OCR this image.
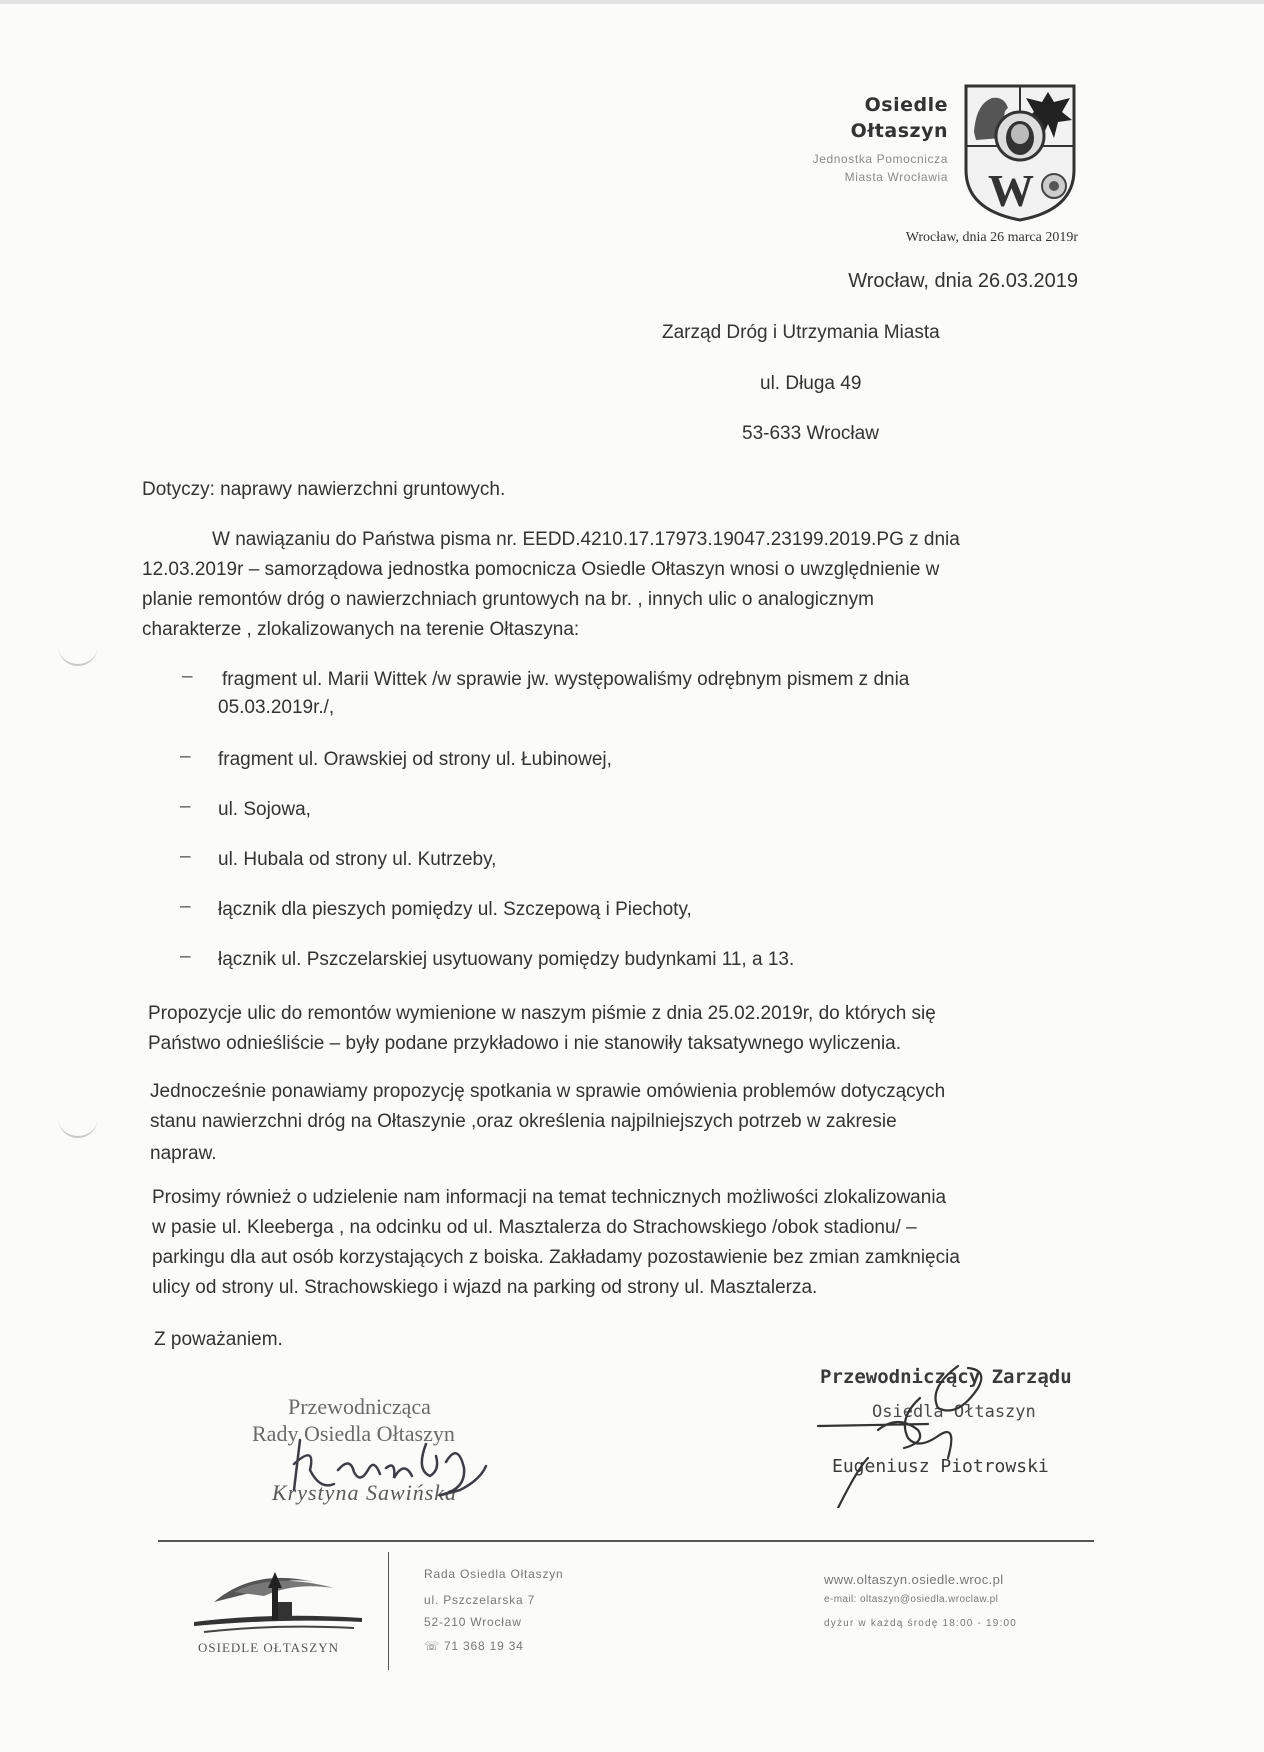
Osiedle
Ołtaszyn
Jednostka Pomocnicza
Miasta Wrocławia W
Wrocław, dnia 26 marca 2019r
Wrocław, dnia 26.03.2019
Zarząd Dróg i Utrzymania Miasta
ul. Długa 49
53-633 Wrocław
Dotyczy: naprawy nawierzchni gruntowych.
W nawiązaniu do Państwa pisma nr. EEDD.4210.17.17973.19047.23199.2019.PG z dnia
12.03.2019r – samorządowa jednostka pomocnicza Osiedle Ołtaszyn wnosi o uwzględnienie w
planie remontów dróg o nawierzchniach gruntowych na br. , innych ulic o analogicznym
charakterze , zlokalizowanych na terenie Ołtaszyna:
– fragment ul. Marii Wittek /w sprawie jw. występowaliśmy odrębnym pismem z dnia
05.03.2019r./,
– fragment ul. Orawskiej od strony ul. Łubinowej,
– ul. Sojowa,
– ul. Hubala od strony ul. Kutrzeby,
– łącznik dla pieszych pomiędzy ul. Szczepową i Piechoty,
– łącznik ul. Pszczelarskiej usytuowany pomiędzy budynkami 11, a 13.
Propozycje ulic do remontów wymienione w naszym piśmie z dnia 25.02.2019r, do których się
Państwo odnieśliście – były podane przykładowo i nie stanowiły taksatywnego wyliczenia.
Jednocześnie ponawiamy propozycję spotkania w sprawie omówienia problemów dotyczących
stanu nawierzchni dróg na Ołtaszynie ,oraz określenia najpilniejszych potrzeb w zakresie
napraw.
Prosimy również o udzielenie nam informacji na temat technicznych możliwości zlokalizowania
w pasie ul. Kleeberga , na odcinku od ul. Masztalerza do Strachowskiego /obok stadionu/ –
parkingu dla aut osób korzystających z boiska. Zakładamy pozostawienie bez zmian zamknięcia
ulicy od strony ul. Strachowskiego i wjazd na parking od strony ul. Masztalerza.
Z poważaniem.
Przewodnicząca
Rady Osiedla Ołtaszyn
Krystyna Sawińska
Przewodniczący Zarządu
Osiedla Ołtaszyn
Eugeniusz Piotrowski
OSIEDLE OŁTASZYN
Rada Osiedla Ołtaszyn
ul. Pszczelarska 7
52-210 Wrocław
☏ 71 368 19 34
www.oltaszyn.osiedle.wroc.pl
e-mail: oltaszyn@osiedla.wroclaw.pl
dyżur w każdą środę 18:00 - 19:00
